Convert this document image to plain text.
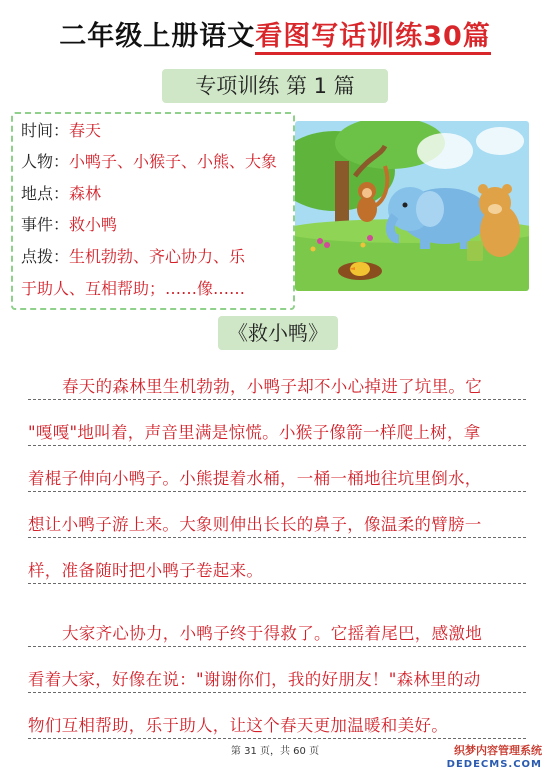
二年级上册语文看图写话训练30篇
专项训练 第 1 篇
时间：春天
人物：小鸭子、小猴子、小熊、大象
地点：森林
事件：救小鸭
点拨：生机勃勃、齐心协力、乐
于助人、互相帮助；……像……
《救小鸭》
春天的森林里生机勃勃，小鸭子却不小心掉进了坑里。它
"嘎嘎"地叫着，声音里满是惊慌。小猴子像箭一样爬上树，拿
着棍子伸向小鸭子。小熊提着水桶，一桶一桶地往坑里倒水，
想让小鸭子游上来。大象则伸出长长的鼻子，像温柔的臂膀一
样，准备随时把小鸭子卷起来。
大家齐心协力，小鸭子终于得救了。它摇着尾巴，感激地
看着大家，好像在说："谢谢你们，我的好朋友！"森林里的动
物们互相帮助，乐于助人，让这个春天更加温暖和美好。
第 31 页，共 60 页	织梦内容管理系统
DEDECMS.COM
